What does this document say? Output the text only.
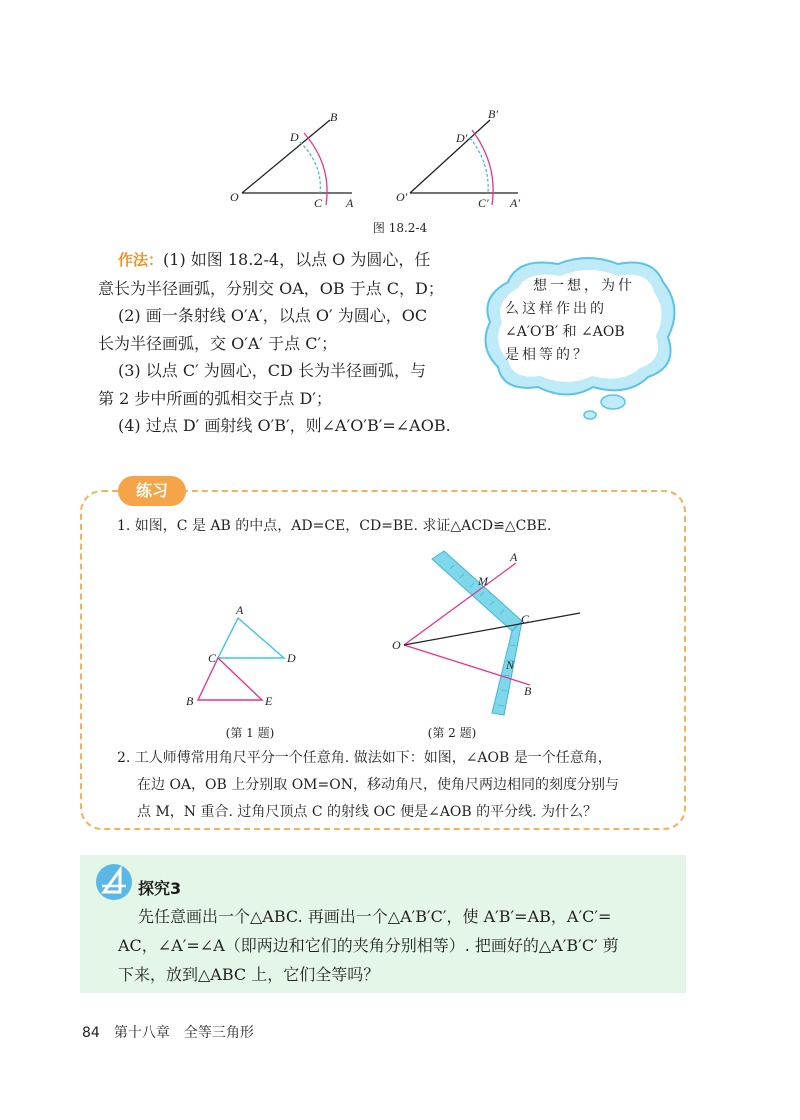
B
D
O	C A
B′
D′
O′	C′ A′
图 18.2-4

作法：(1) 如图 18.2-4，以点 O 为圆心，任

意长为半径画弧，分别交 OA，OB 于点 C，D；

(2) 画一条射线 O′A′，以点 O′ 为圆心，OC

长为半径画弧，交 O′A′ 于点 C′；

(3) 以点 C′ 为圆心，CD 长为半径画弧，与

第 2 步中所画的弧相交于点 D′；

(4) 过点 D′ 画射线 O′B′，则∠A′O′B′=∠AOB.

想一想，为什
么这样作出的
∠A′O′B′ 和 ∠AOB
是相等的？
练习
1. 如图，C 是 AB 的中点，AD=CE，CD=BE. 求证△ACD≌△CBE.
A
C	D
B	E
(第 1 题)
A
M
C
O
N
B
(第 2 题)

2. 工人师傅常用角尺平分一个任意角. 做法如下：如图，∠AOB 是一个任意角，

在边 OA，OB 上分别取 OM=ON，移动角尺，使角尺两边相同的刻度分别与

点 M，N 重合. 过角尺顶点 C 的射线 OC 便是∠AOB 的平分线. 为什么？

探究3

先任意画出一个△ABC. 再画出一个△A′B′C′，使 A′B′=AB，A′C′=

AC，∠A′=∠A（即两边和它们的夹角分别相等）. 把画好的△A′B′C′ 剪

下来，放到△ABC 上，它们全等吗？

84 第十八章　全等三角形
